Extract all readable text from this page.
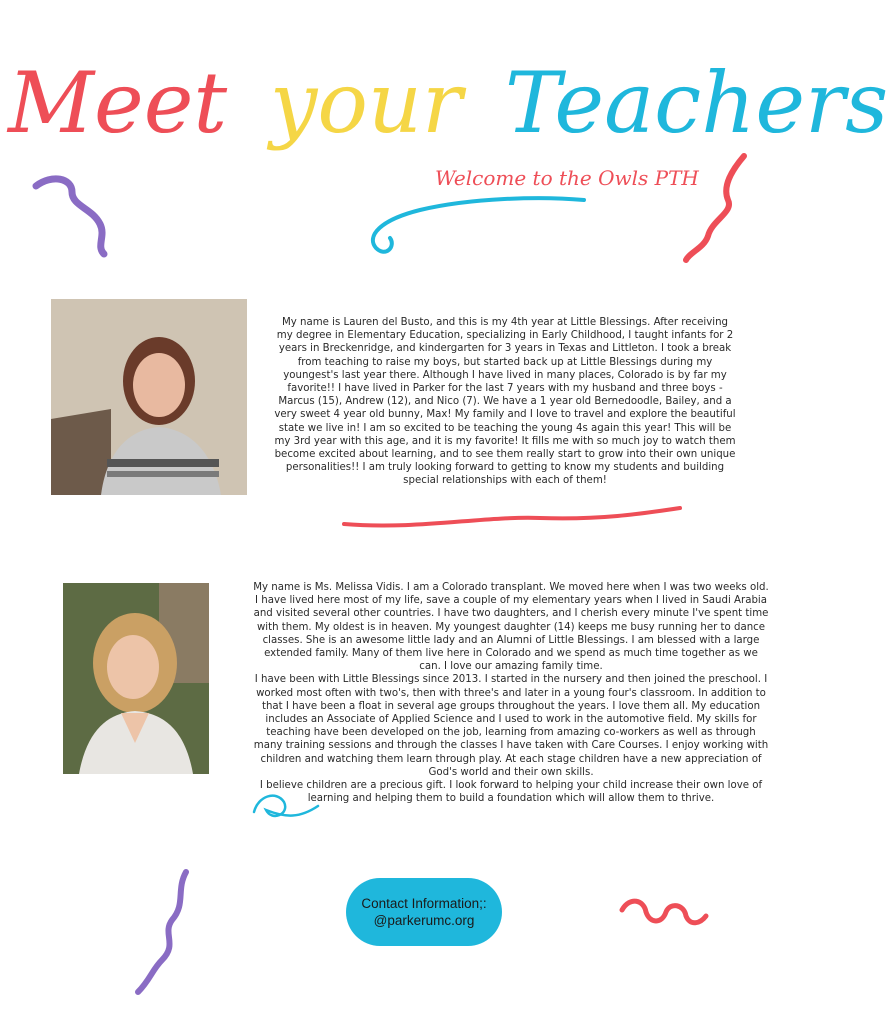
Meet your Teachers
Welcome to the Owls PTH

My name is Lauren del Busto, and this is my 4th year at Little Blessings. After receiving my degree in Elementary Education, specializing in Early Childhood, I taught infants for 2 years in Breckenridge, and kindergarten for 3 years in Texas and Littleton. I took a break from teaching to raise my boys, but started back up at Little Blessings during my youngest's last year there. Although I have lived in many places, Colorado is by far my favorite!! I have lived in Parker for the last 7 years with my husband and three boys - Marcus (15), Andrew (12), and Nico (7). We have a 1 year old Bernedoodle, Bailey, and a very sweet 4 year old bunny, Max! My family and I love to travel and explore the beautiful state we live in! I am so excited to be teaching the young 4s again this year! This will be my 3rd year with this age, and it is my favorite! It fills me with so much joy to watch them become excited about learning, and to see them really start to grow into their own unique personalities!! I am truly looking forward to getting to know my students and building special relationships with each of them!

My name is Ms. Melissa Vidis. I am a Colorado transplant. We moved here when I was two weeks old. I have lived here most of my life, save a couple of my elementary years when I lived in Saudi Arabia and visited several other countries. I have two daughters, and I cherish every minute I've spent time with them. My oldest is in heaven. My youngest daughter (14) keeps me busy running her to dance classes. She is an awesome little lady and an Alumni of Little Blessings. I am blessed with a large extended family. Many of them live here in Colorado and we spend as much time together as we can. I love our amazing family time.

I have been with Little Blessings since 2013. I started in the nursery and then joined the preschool. I worked most often with two's, then with three's and later in a young four's classroom. In addition to that I have been a float in several age groups throughout the years. I love them all. My education includes an Associate of Applied Science and I used to work in the automotive field. My skills for teaching have been developed on the job, learning from amazing co-workers as well as through many training sessions and through the classes I have taken with Care Courses. I enjoy working with children and watching them learn through play. At each stage children have a new appreciation of God's world and their own skills.

I believe children are a precious gift. I look forward to helping your child increase their own love of learning and helping them to build a foundation which will allow them to thrive.

Contact Information;:
@parkerumc.org
